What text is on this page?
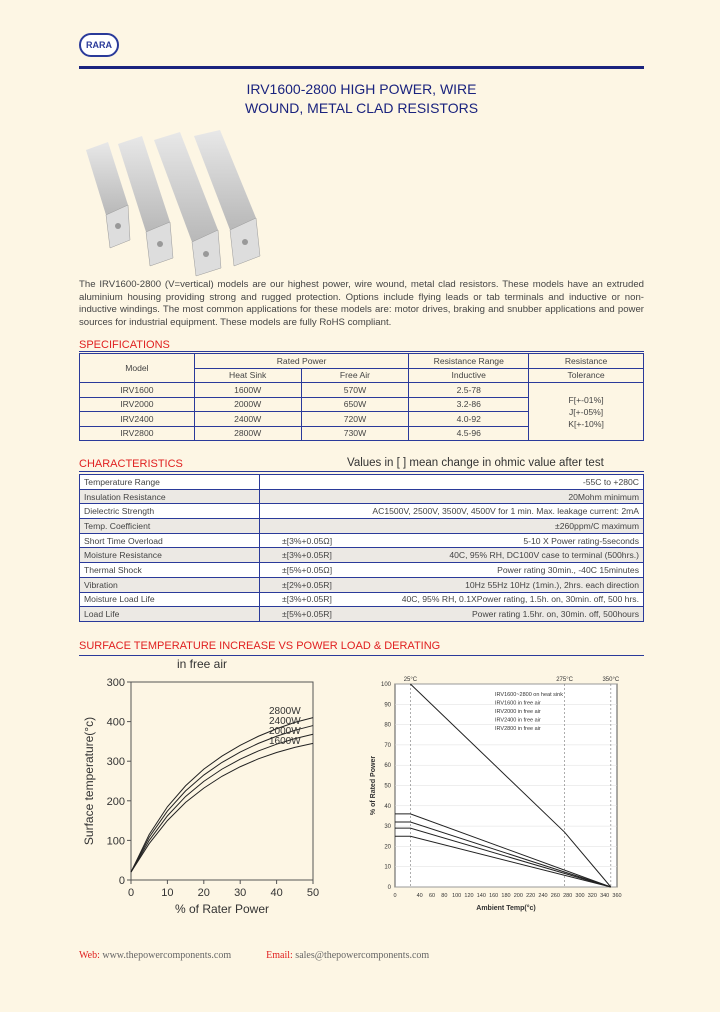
RARA
IRV1600-2800 HIGH POWER, WIRE
WOUND, METAL CLAD RESISTORS
The IRV1600-2800 (V=vertical) models are our highest power, wire wound, metal clad resistors. These models have an extruded aluminium housing providing strong and rugged protection. Options include flying leads or tab terminals and inductive or non-inductive windings. The most common applications for these models are: motor drives, braking and snubber applications and power sources for industrial equipment. These models are fully RoHS compliant.
SPECIFICATIONS
Model	Rated Power		Resistance Range	Resistance
	Heat Sink	Free Air	Inductive	Tolerance
IRV1600	1600W	570W	2.5-78	F[+-01%]
J[+-05%]
K[+-10%]

IRV2000	2000W	650W	3.2-86	
IRV2400	2400W	720W	4.0-92	
IRV2800	2800W	730W	4.5-96	
CHARACTERISTICS	Values in [ ] mean change in ohmic value after test
Temperature Range	-55C to +280C
Insulation Resistance	20Mohm minimum
Dielectric Strength	AC1500V, 2500V, 3500V, 4500V for 1 min. Max. leakage current: 2mA
Temp. Coefficient	±260ppm/C maximum
Short Time Overload	±[3%+0.05Ω] 5-10 X Power rating-5seconds

Moisture Resistance	±[3%+0.05R] 40C, 95% RH, DC100V case to terminal (500hrs.)

Thermal Shock	±[5%+0.05Ω] Power rating 30min., -40C 15minutes

Vibration	±[2%+0.05R] 10Hz 55Hz 10Hz (1min.), 2hrs. each direction

Moisture Load Life	±[3%+0.05R] 40C, 95% RH, 0.1XPower rating, 1.5h. on, 30min. off, 500 hrs.

Load Life	±[5%+0.05R] Power rating 1.5hr. on, 30min. off, 500hours
SURFACE TEMPERATURE INCREASE VS POWER LOAD & DERATING
in free air
0
100
200
300
400
300
0 10 20 30 40 50
% of Rater Power
Surface temperature(°c)
2800W
2400W
2000W
1600W
0
10
20
30
40
50
60
70
80
90
100
0	40 60 80 100 120 140 160 180 200 220 240 260 280 300 320 340 360
25°C	275°C	350°C
Ambient Temp(°c)
% of Rated Power
IRV1600~2800 on heat sink
IRV1600 in free air
IRV2000 in free air
IRV2400 in free air
IRV2800 in free air
Web: www.thepowercomponents.com	Email: sales@thepowercomponents.com
